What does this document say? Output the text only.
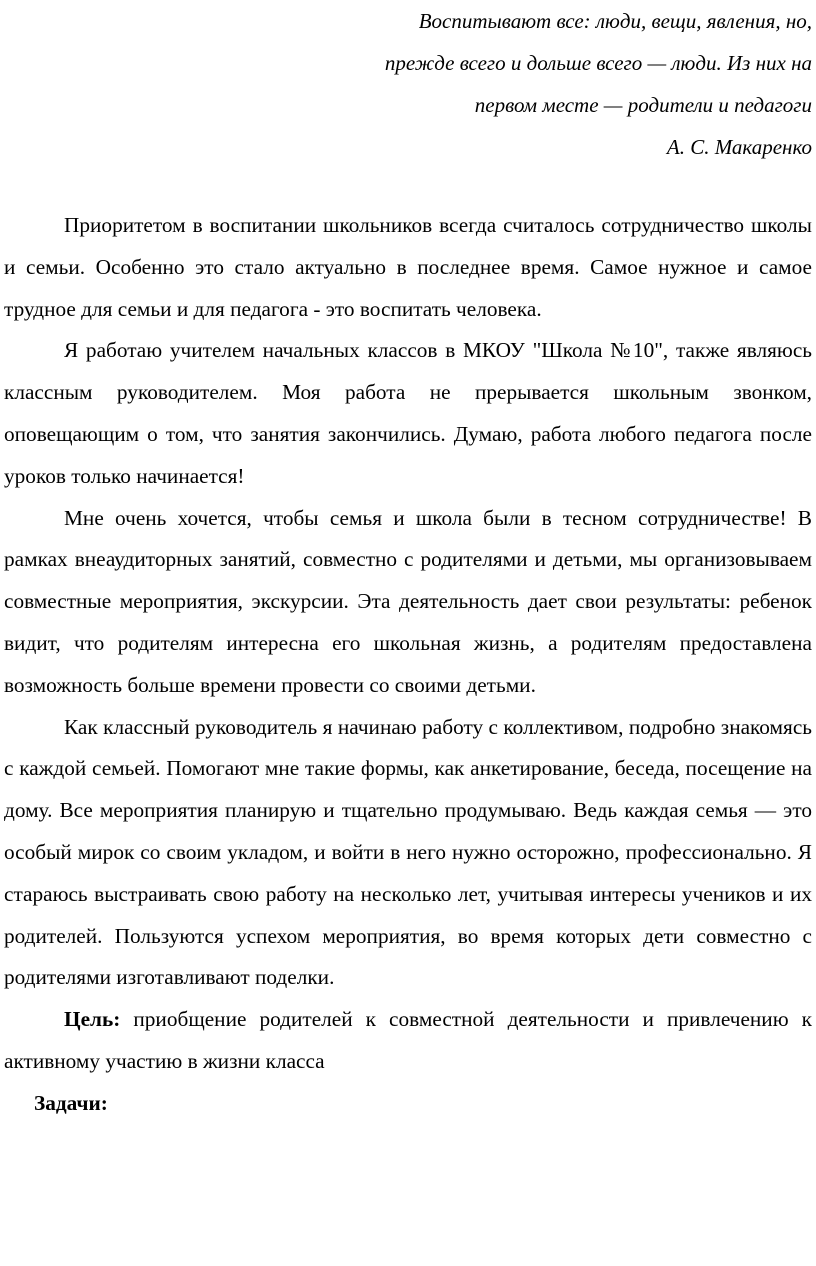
Воспитывают все: люди, вещи, явления, но,
прежде всего и дольше всего — люди. Из них на
первом месте — родители и педагоги
А. С. Макаренко

Приоритетом в воспитании школьников всегда считалось сотрудничество школы и семьи. Особенно это стало актуально в последнее время. Самое нужное и самое трудное для семьи и для педагога - это воспитать человека.

Я работаю учителем начальных классов в МКОУ "Школа №10", также являюсь классным руководителем. Моя работа не прерывается школьным звонком, оповещающим о том, что занятия закончились. Думаю, работа любого педагога после уроков только начинается!

Мне очень хочется, чтобы семья и школа были в тесном сотрудничестве! В рамках внеаудиторных занятий, совместно с родителями и детьми, мы организовываем совместные мероприятия, экскурсии. Эта деятельность дает свои результаты: ребенок видит, что родителям интересна его школьная жизнь, а родителям предоставлена возможность больше времени провести со своими детьми.

Как классный руководитель я начинаю работу с коллективом, подробно знакомясь с каждой семьей. Помогают мне такие формы, как анкетирование, беседа, посещение на дому. Все мероприятия планирую и тщательно продумываю. Ведь каждая семья — это особый мирок со своим укладом, и войти в него нужно осторожно, профессионально. Я стараюсь выстраивать свою работу на несколько лет, учитывая интересы учеников и их родителей. Пользуются успехом мероприятия, во время которых дети совместно с родителями изготавливают поделки.

Цель: приобщение родителей к совместной деятельности и привлечению к активному участию в жизни класса

Задачи:
